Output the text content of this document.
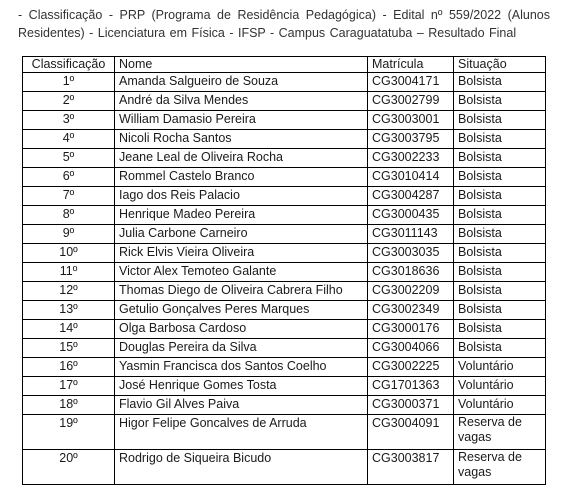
- Classificação - PRP (Programa de Residência Pedagógica) - Edital nº 559/2022 (Alunos Residentes) - Licenciatura em Física - IFSP - Campus Caraguatatuba – Resultado Final
Classificação	Nome	Matrícula	Situação
1º	Amanda Salgueiro de Souza	CG3004171	Bolsista
2º	André da Silva Mendes	CG3002799	Bolsista
3º	William Damasio Pereira	CG3003001	Bolsista
4º	Nicoli Rocha Santos	CG3003795	Bolsista
5º	Jeane Leal de Oliveira Rocha	CG3002233	Bolsista
6º	Rommel Castelo Branco	CG3010414	Bolsista
7º	Iago dos Reis Palacio	CG3004287	Bolsista
8º	Henrique Madeo Pereira	CG3000435	Bolsista
9º	Julia Carbone Carneiro	CG3011143	Bolsista
10º	Rick Elvis Vieira Oliveira	CG3003035	Bolsista
11º	Victor Alex Temoteo Galante	CG3018636	Bolsista
12º	Thomas Diego de Oliveira Cabrera Filho	CG3002209	Bolsista
13º	Getulio Gonçalves Peres Marques	CG3002349	Bolsista
14º	Olga Barbosa Cardoso	CG3000176	Bolsista
15º	Douglas Pereira da Silva	CG3004066	Bolsista
16º	Yasmin Francisca dos Santos Coelho	CG3002225	Voluntário
17º	José Henrique Gomes Tosta	CG1701363	Voluntário
18º	Flavio Gil Alves Paiva	CG3000371	Voluntário
19º	Higor Felipe Goncalves de Arruda	CG3004091	Reserva de vagas
20º	Rodrigo de Siqueira Bicudo	CG3003817	Reserva de vagas
